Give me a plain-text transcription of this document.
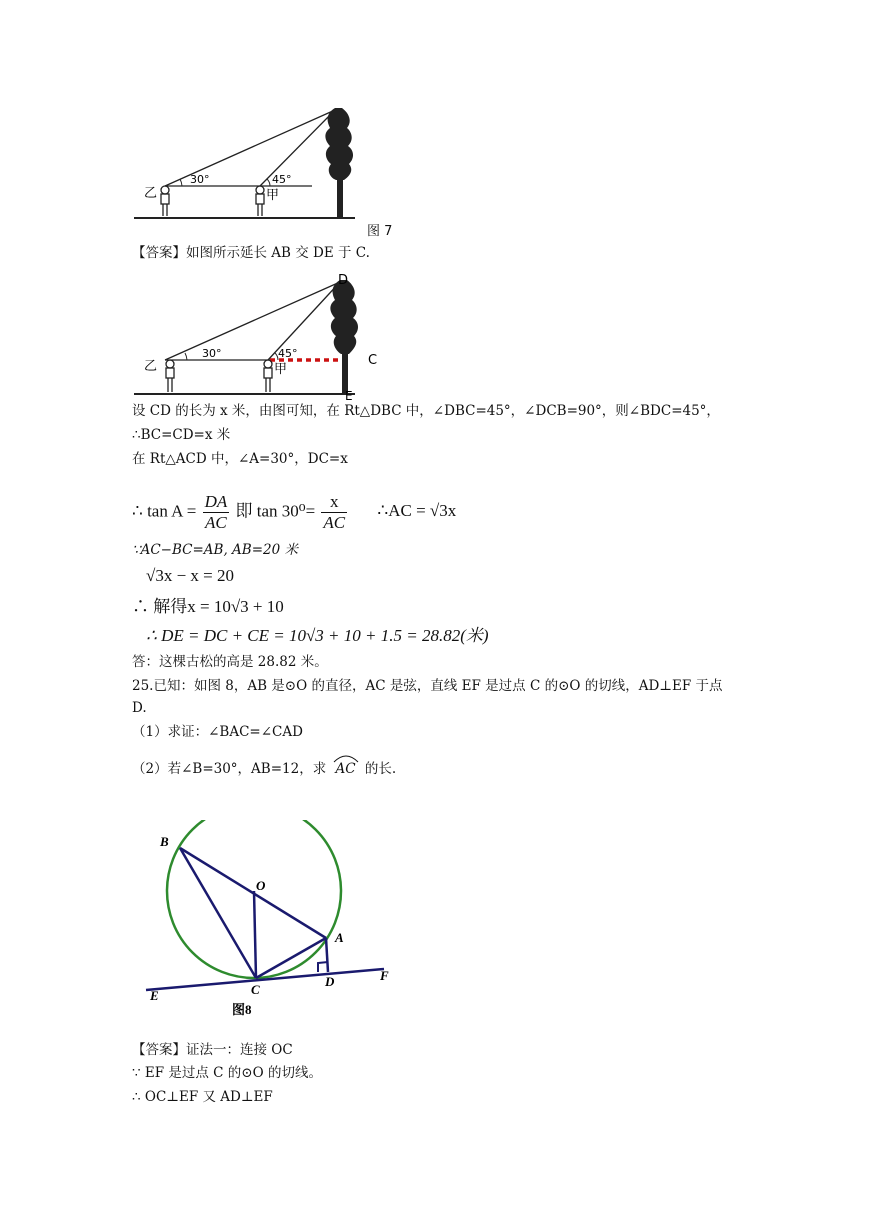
30°	45°
乙	甲
图 7
【答案】如图所示延长 AB 交 DE 于 C.
30°	45°
乙	甲
D
C
E
设 CD 的长为 x 米，由图可知，在 Rt△DBC 中，∠DBC=45°，∠DCB=90°，则∠BDC=45°，
∴BC=CD=x 米
在 Rt△ACD 中，∠A=30°，DC=x
∴ $\tan A = \frac{DA}{AC}$ 即 $\tan 30^0= \frac{x}{AC}$ ∴AC = √3x
∵AC−BC=AB, AB=20 米
√3x − x = 20
∴ 解得x = 10√3 + 10
∴ DE = DC + CE = 10√3 + 10 + 1.5 = 28.82(米)
答：这棵古松的高是 28.82 米。
25.已知：如图 8，AB 是⊙O 的直径，AC 是弦，直线 EF 是过点 C 的⊙O 的切线，AD⊥EF 于点
D.
（1）求证：∠BAC=∠CAD
（2）若∠B=30°，AB=12，求 AC 的长.
B
O
A
C
D
E
F
图8
【答案】证法一：连接 OC
∵ EF 是过点 C 的⊙O 的切线。
∴ OC⊥EF 又 AD⊥EF
